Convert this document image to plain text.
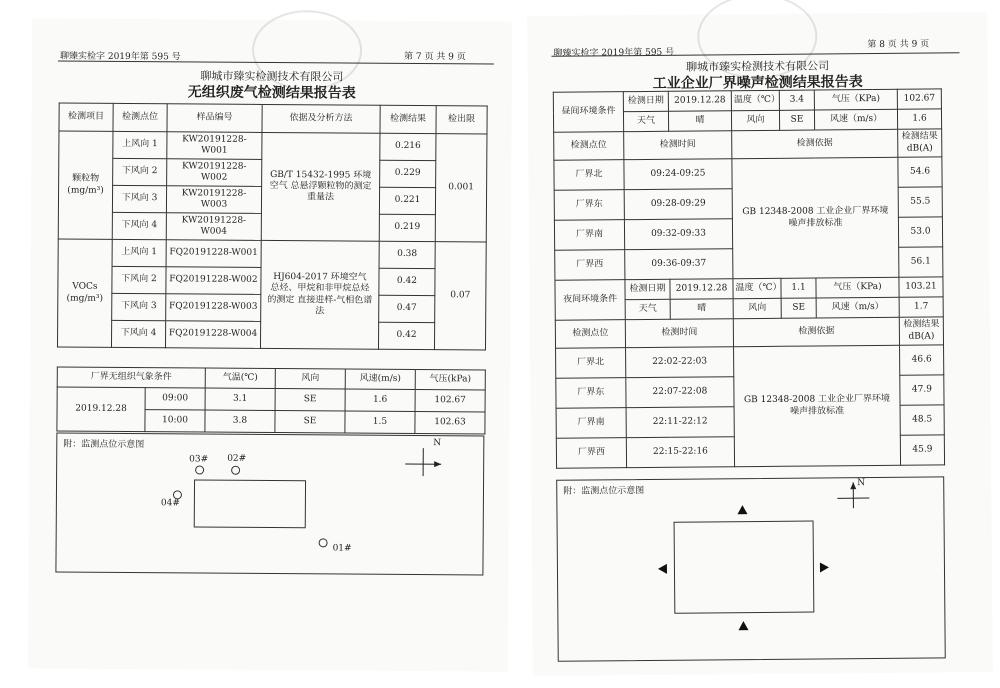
聊臻实检字 2019年第 595 号	第 7 页 共 9 页
聊城市臻实检测技术有限公司
无组织废气检测结果报告表
检测项目	检测点位	样品编号	依据及分析方法	检测结果	检出限

颗粒物
(mg/m³)	上风向 1	KW20191228-W001	GB/T 15432-1995 环境空气 总悬浮颗粒物的测定 重量法	0.216	0.001
	下风向 2	KW20191228-W002		0.229	
	下风向 3	KW20191228-W003		0.221	
	下风向 4	KW20191228-W004		0.219	

VOCs
(mg/m³)	上风向 1	FQ20191228-W001	HJ604-2017 环境空气 总烃、甲烷和非甲烷总烃的测定 直接进样-气相色谱法	0.38	0.07
	下风向 2	FQ20191228-W002		0.42	
	下风向 3	FQ20191228-W003		0.47	
	下风向 4	FQ20191228-W004		0.42	
厂界无组织气象条件		气温(℃)	风向	风速(m/s)	气压(kPa)
2019.12.28	09:00	3.1	SE	1.6	102.67
	10:00	3.8	SE	1.5	102.63
附：监测点位示意图	N
03# 02#
04#
01#
聊臻实检字 2019年第 595 号
第 8 页 共 9 页
聊城市臻实检测技术有限公司
工业企业厂界噪声检测结果报告表
昼间环境条件	检测日期	2019.12.28	温度（℃）	3.4	气压（KPa)	102.67
	天气	晴	风向	SE	风速（m/s）	1.6
检测点位	检测时间		检测依据			检测结果
dB(A)

厂界北	09:24-09:25		GB 12348-2008 工业企业厂界环境噪声排放标准			54.6
厂界东	09:28-09:29					55.5
厂界南	09:32-09:33					53.0
厂界西	09:36-09:37					56.1
夜间环境条件	检测日期	2019.12.28	温度（℃）	1.1	气压（KPa)	103.21
	天气	晴	风向	SE	风速（m/s）	1.7
检测点位	检测时间		检测依据			检测结果
dB(A)

厂界北	22:02-22:03		GB 12348-2008 工业企业厂界环境噪声排放标准			46.6
厂界东	22:07-22:08					47.9
厂界南	22:11-22:12					48.5
厂界西	22:15-22:16					45.9
附：监测点位示意图
N
